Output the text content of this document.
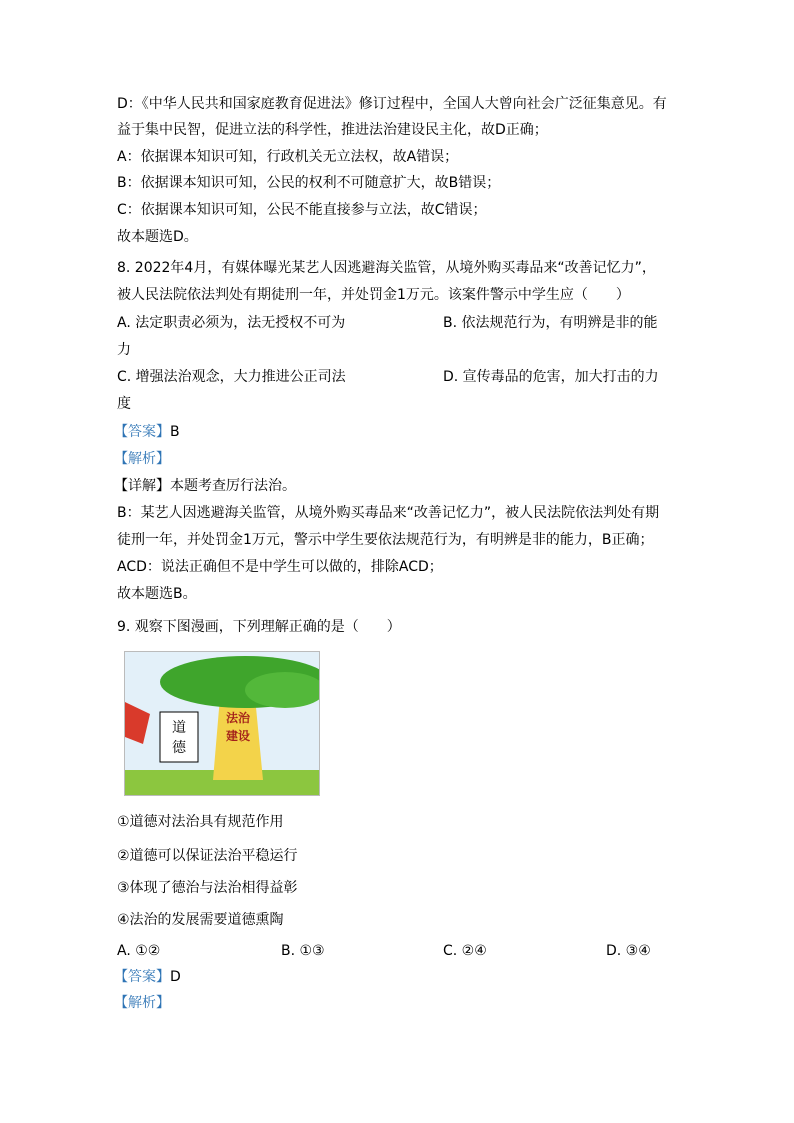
D：《中华人民共和国家庭教育促进法》修订过程中，全国人大曾向社会广泛征集意见。有
益于集中民智，促进立法的科学性，推进法治建设民主化，故D正确；
A：依据课本知识可知，行政机关无立法权，故A错误；
B：依据课本知识可知，公民的权利不可随意扩大，故B错误；
C：依据课本知识可知，公民不能直接参与立法，故C错误；
故本题选D。
8. 2022年4月，有媒体曝光某艺人因逃避海关监管，从境外购买毒品来“改善记忆力”，
被人民法院依法判处有期徒刑一年，并处罚金1万元。该案件警示中学生应（　　）
A. 法定职责必须为，法无授权不可为	B. 依法规范行为，有明辨是非的能
力
C. 增强法治观念，大力推进公正司法	D. 宣传毒品的危害，加大打击的力
度
【答案】B
【解析】
【详解】本题考查厉行法治。
B：某艺人因逃避海关监管，从境外购买毒品来“改善记忆力”，被人民法院依法判处有期
徒刑一年，并处罚金1万元，警示中学生要依法规范行为，有明辨是非的能力，B正确；
ACD：说法正确但不是中学生可以做的，排除ACD；
故本题选B。
9. 观察下图漫画，下列理解正确的是（　　）
道
德
法治
建设
①道德对法治具有规范作用
②道德可以保证法治平稳运行
③体现了德治与法治相得益彰
④法治的发展需要道德熏陶
A. ①②	B. ①③	C. ②④	D. ③④
【答案】D
【解析】
